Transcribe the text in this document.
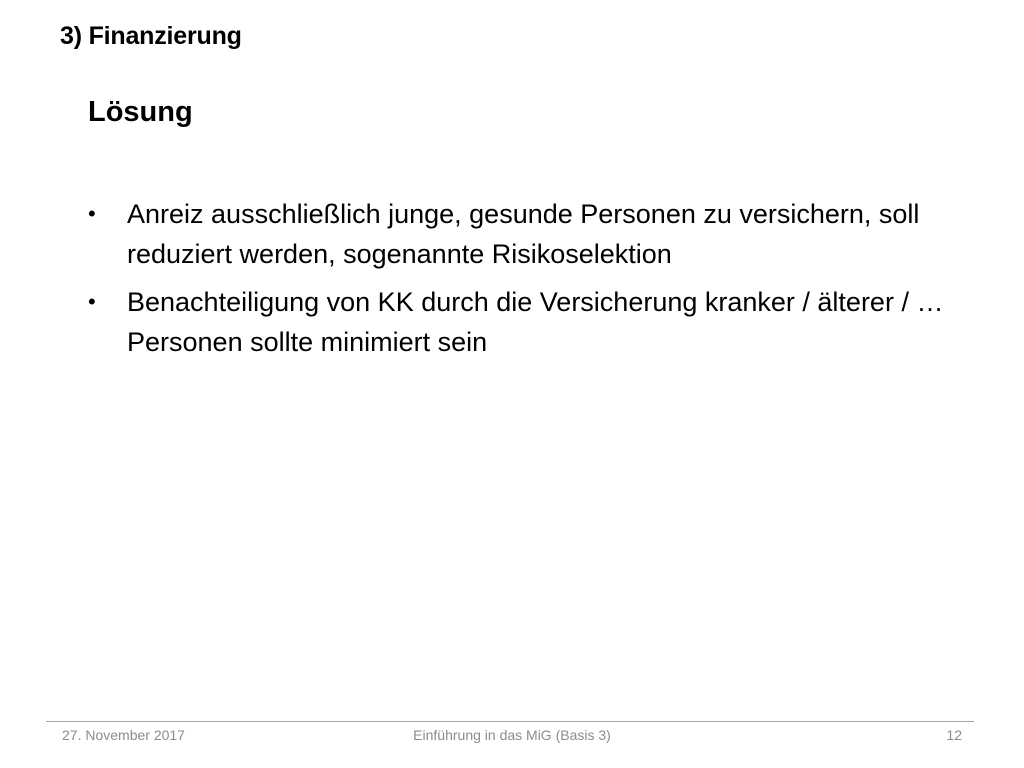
3) Finanzierung
Lösung
•	Anreiz ausschließlich junge, gesunde Personen zu versichern, soll reduziert werden, sogenannte Risikoselektion
•	Benachteiligung von KK durch die Versicherung kranker / älterer / … Personen sollte minimiert sein
27. November 2017	Einführung in das MiG (Basis 3)	12
